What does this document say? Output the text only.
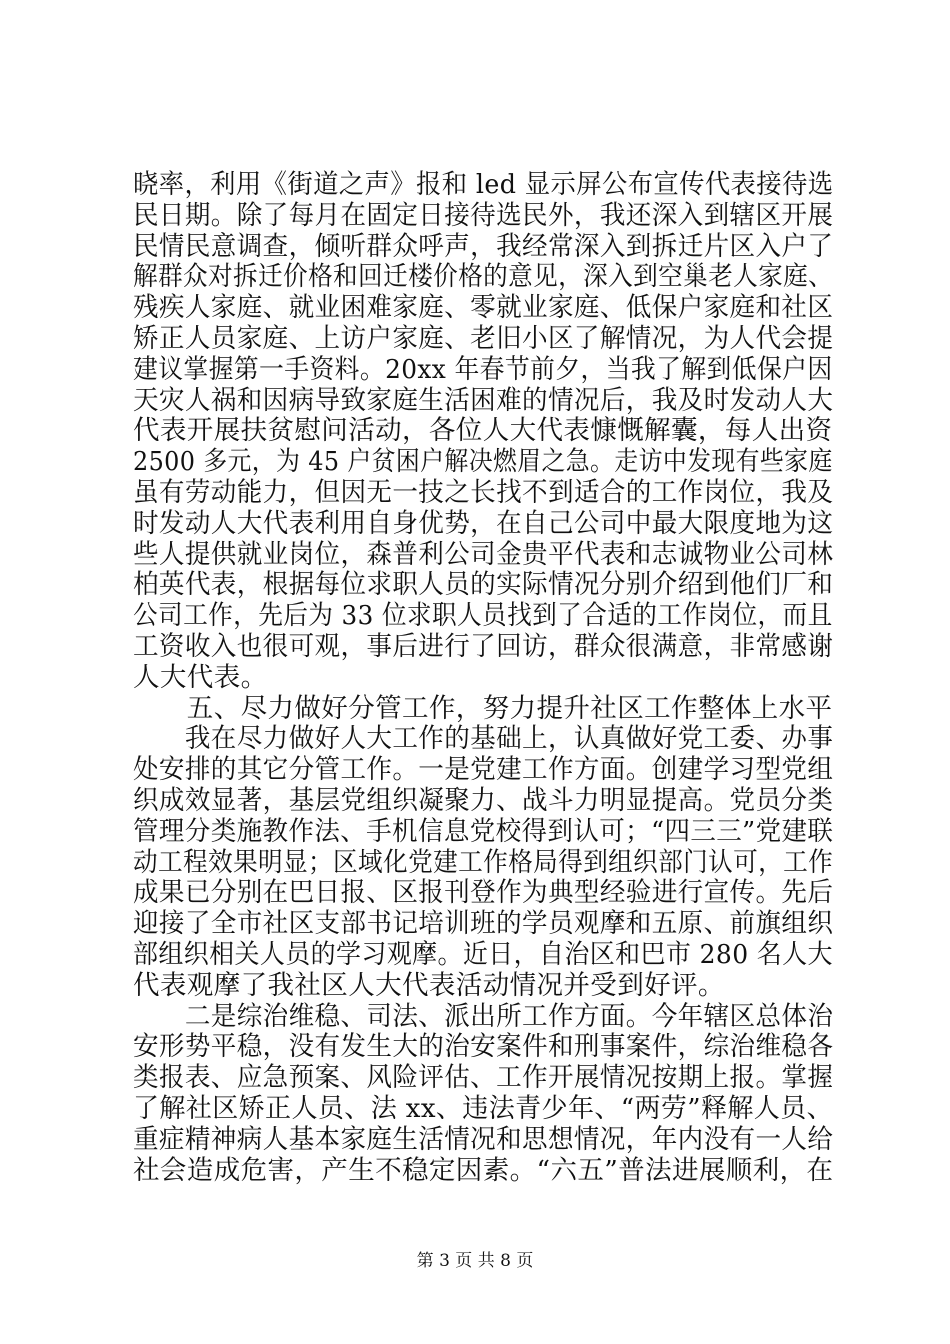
晓率，利用《街道之声》报和 led 显示屏公布宣传代表接待选
民日期。除了每月在固定日接待选民外，我还深入到辖区开展
民情民意调查，倾听群众呼声，我经常深入到拆迁片区入户了
解群众对拆迁价格和回迁楼价格的意见，深入到空巢老人家庭、
残疾人家庭、就业困难家庭、零就业家庭、低保户家庭和社区
矫正人员家庭、上访户家庭、老旧小区了解情况，为人代会提
建议掌握第一手资料。20xx 年春节前夕，当我了解到低保户因
天灾人祸和因病导致家庭生活困难的情况后，我及时发动人大
代表开展扶贫慰问活动，各位人大代表慷慨解囊，每人出资
2500 多元，为 45 户贫困户解决燃眉之急。走访中发现有些家庭
虽有劳动能力，但因无一技之长找不到适合的工作岗位，我及
时发动人大代表利用自身优势，在自己公司中最大限度地为这
些人提供就业岗位，森普利公司金贵平代表和志诚物业公司林
柏英代表，根据每位求职人员的实际情况分别介绍到他们厂和
公司工作，先后为 33 位求职人员找到了合适的工作岗位，而且
工资收入也很可观，事后进行了回访，群众很满意，非常感谢
人大代表。
　　五、尽力做好分管工作，努力提升社区工作整体上水平
　　我在尽力做好人大工作的基础上，认真做好党工委、办事
处安排的其它分管工作。一是党建工作方面。创建学习型党组
织成效显著，基层党组织凝聚力、战斗力明显提高。党员分类
管理分类施教作法、手机信息党校得到认可；“四三三”党建联
动工程效果明显；区域化党建工作格局得到组织部门认可，工作
成果已分别在巴日报、区报刊登作为典型经验进行宣传。先后
迎接了全市社区支部书记培训班的学员观摩和五原、前旗组织
部组织相关人员的学习观摩。近日，自治区和巴市 280 名人大
代表观摩了我社区人大代表活动情况并受到好评。
　　二是综治维稳、司法、派出所工作方面。今年辖区总体治
安形势平稳，没有发生大的治安案件和刑事案件，综治维稳各
类报表、应急预案、风险评估、工作开展情况按期上报。掌握
了解社区矫正人员、法 xx、违法青少年、“两劳”释解人员、
重症精神病人基本家庭生活情况和思想情况，年内没有一人给
社会造成危害，产生不稳定因素。“六五”普法进展顺利，在
第 3 页 共 8 页
